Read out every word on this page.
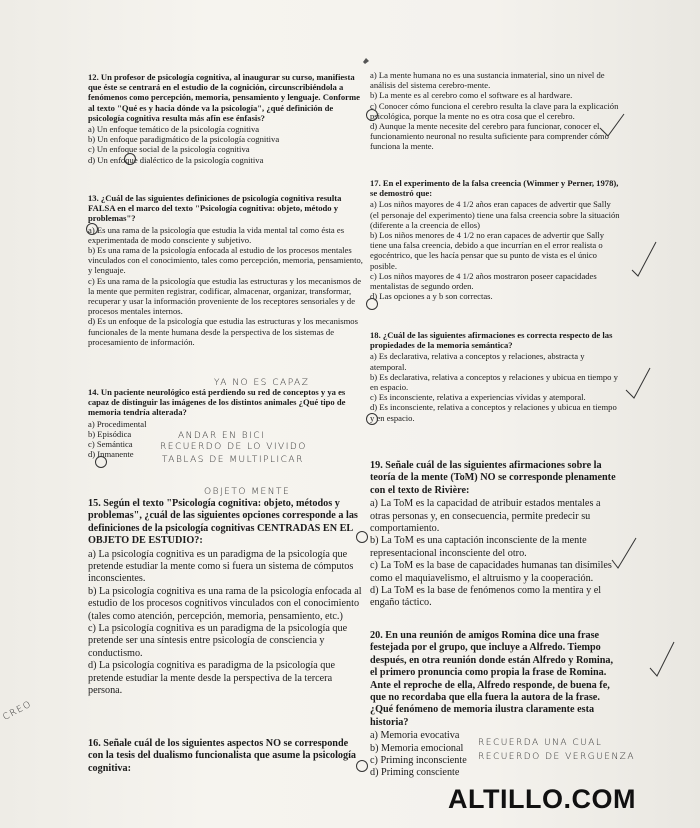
12. Un profesor de psicología cognitiva, al inaugurar su curso, manifiesta que éste se centrará en el estudio de la cognición, circunscribiéndola a fenómenos como percepción, memoria, pensamiento y lenguaje. Conforme al texto "Qué es y hacia dónde va la psicología", ¿qué definición de psicología cognitiva resulta más afín ese énfasis?

a) Un enfoque temático de la psicología cognitiva

b) Un enfoque paradigmático de la psicología cognitiva

c) Un enfoque social de la psicología cognitiva

d) Un enfoque dialéctico de la psicología cognitiva

13. ¿Cuál de las siguientes definiciones de psicología cognitiva resulta FALSA en el marco del texto "Psicología cognitiva: objeto, método y problemas"?

a) Es una rama de la psicología que estudia la vida mental tal como ésta es experimentada de modo consciente y subjetivo.

b) Es una rama de la psicología enfocada al estudio de los procesos mentales vinculados con el conocimiento, tales como percepción, memoria, pensamiento, y lenguaje.

c) Es una rama de la psicología que estudia las estructuras y los mecanismos de la mente que permiten registrar, codificar, almacenar, organizar, transformar, recuperar y usar la información proveniente de los receptores sensoriales y de procesos mentales internos.

d) Es un enfoque de la psicología que estudia las estructuras y los mecanismos funcionales de la mente humana desde la perspectiva de los sistemas de procesamiento de información.

14. Un paciente neurológico está perdiendo su red de conceptos y ya es capaz de distinguir las imágenes de los distintos animales ¿Qué tipo de memoria tendría alterada?

a) Procedimental

b) Episódica

c) Semántica

d) Inmanente

15. Según el texto "Psicología cognitiva: objeto, métodos y problemas", ¿cuál de las siguientes opciones corresponde a las definiciones de la psicología cognitivas CENTRADAS EN EL OBJETO DE ESTUDIO?:

a) La psicología cognitiva es un paradigma de la psicología que pretende estudiar la mente como si fuera un sistema de cómputos inconscientes.

b) La psicología cognitiva es una rama de la psicología enfocada al estudio de los procesos cognitivos vinculados con el conocimiento (tales como atención, percepción, memoria, pensamiento, etc.)

c) La psicología cognitiva es un paradigma de la psicología que pretende ser una síntesis entre psicología de consciencia y conductismo.

d) La psicología cognitiva es paradigma de la psicología que pretende estudiar la mente desde la perspectiva de la tercera persona.

16. Señale cuál de los siguientes aspectos NO se corresponde con la tesis del dualismo funcionalista que asume la psicología cognitiva:

a) La mente humana no es una sustancia inmaterial, sino un nivel de análisis del sistema cerebro-mente.

b) La mente es al cerebro como el software es al hardware.

c) Conocer cómo funciona el cerebro resulta la clave para la explicación psicológica, porque la mente no es otra cosa que el cerebro.

d) Aunque la mente necesite del cerebro para funcionar, conocer el funcionamiento neuronal no resulta suficiente para comprender cómo funciona la mente.

17. En el experimento de la falsa creencia (Wimmer y Perner, 1978), se demostró que:

a) Los niños mayores de 4 1/2 años eran capaces de advertir que Sally (el personaje del experimento) tiene una falsa creencia sobre la situación (diferente a la creencia de ellos)

b) Los niños menores de 4 1/2 no eran capaces de advertir que Sally tiene una falsa creencia, debido a que incurrían en el error realista o egocéntrico, que les hacía pensar que su punto de vista es el único posible.

c) Los niños mayores de 4 1/2 años mostraron poseer capacidades mentalistas de segundo orden.

d) Las opciones a y b son correctas.

18. ¿Cuál de las siguientes afirmaciones es correcta respecto de las propiedades de la memoria semántica?

a) Es declarativa, relativa a conceptos y relaciones, abstracta y atemporal.

b) Es declarativa, relativa a conceptos y relaciones y ubicua en tiempo y en espacio.

c) Es inconsciente, relativa a experiencias vívidas y atemporal.

d) Es inconsciente, relativa a conceptos y relaciones y ubicua en tiempo y en espacio.

19. Señale cuál de las siguientes afirmaciones sobre la teoría de la mente (ToM) NO se corresponde plenamente con el texto de Rivière:

a) La ToM es la capacidad de atribuir estados mentales a otras personas y, en consecuencia, permite predecir su comportamiento.

b) La ToM es una captación inconsciente de la mente representacional inconsciente del otro.

c) La ToM es la base de capacidades humanas tan disímiles como el maquiavelismo, el altruismo y la cooperación.

d) La ToM es la base de fenómenos como la mentira y el engaño táctico.

20. En una reunión de amigos Romina dice una frase festejada por el grupo, que incluye a Alfredo. Tiempo después, en otra reunión donde están Alfredo y Romina, el primero pronuncia como propia la frase de Romina. Ante el reproche de ella, Alfredo responde, de buena fe, que no recordaba que ella fuera la autora de la frase. ¿Qué fenómeno de memoria ilustra claramente esta historia?

a) Memoria evocativa

b) Memoria emocional

c) Priming inconsciente

d) Priming consciente

YA NO ES CAPAZ
ANDAR EN BICI
RECUERDO DE LO VIVIDO
TABLAS DE MULTIPLICAR
OBJETO MENTE
CREO
RECUERDA UNA CUAL
RECUERDO DE VERGUENZA
ALTILLO.COM
